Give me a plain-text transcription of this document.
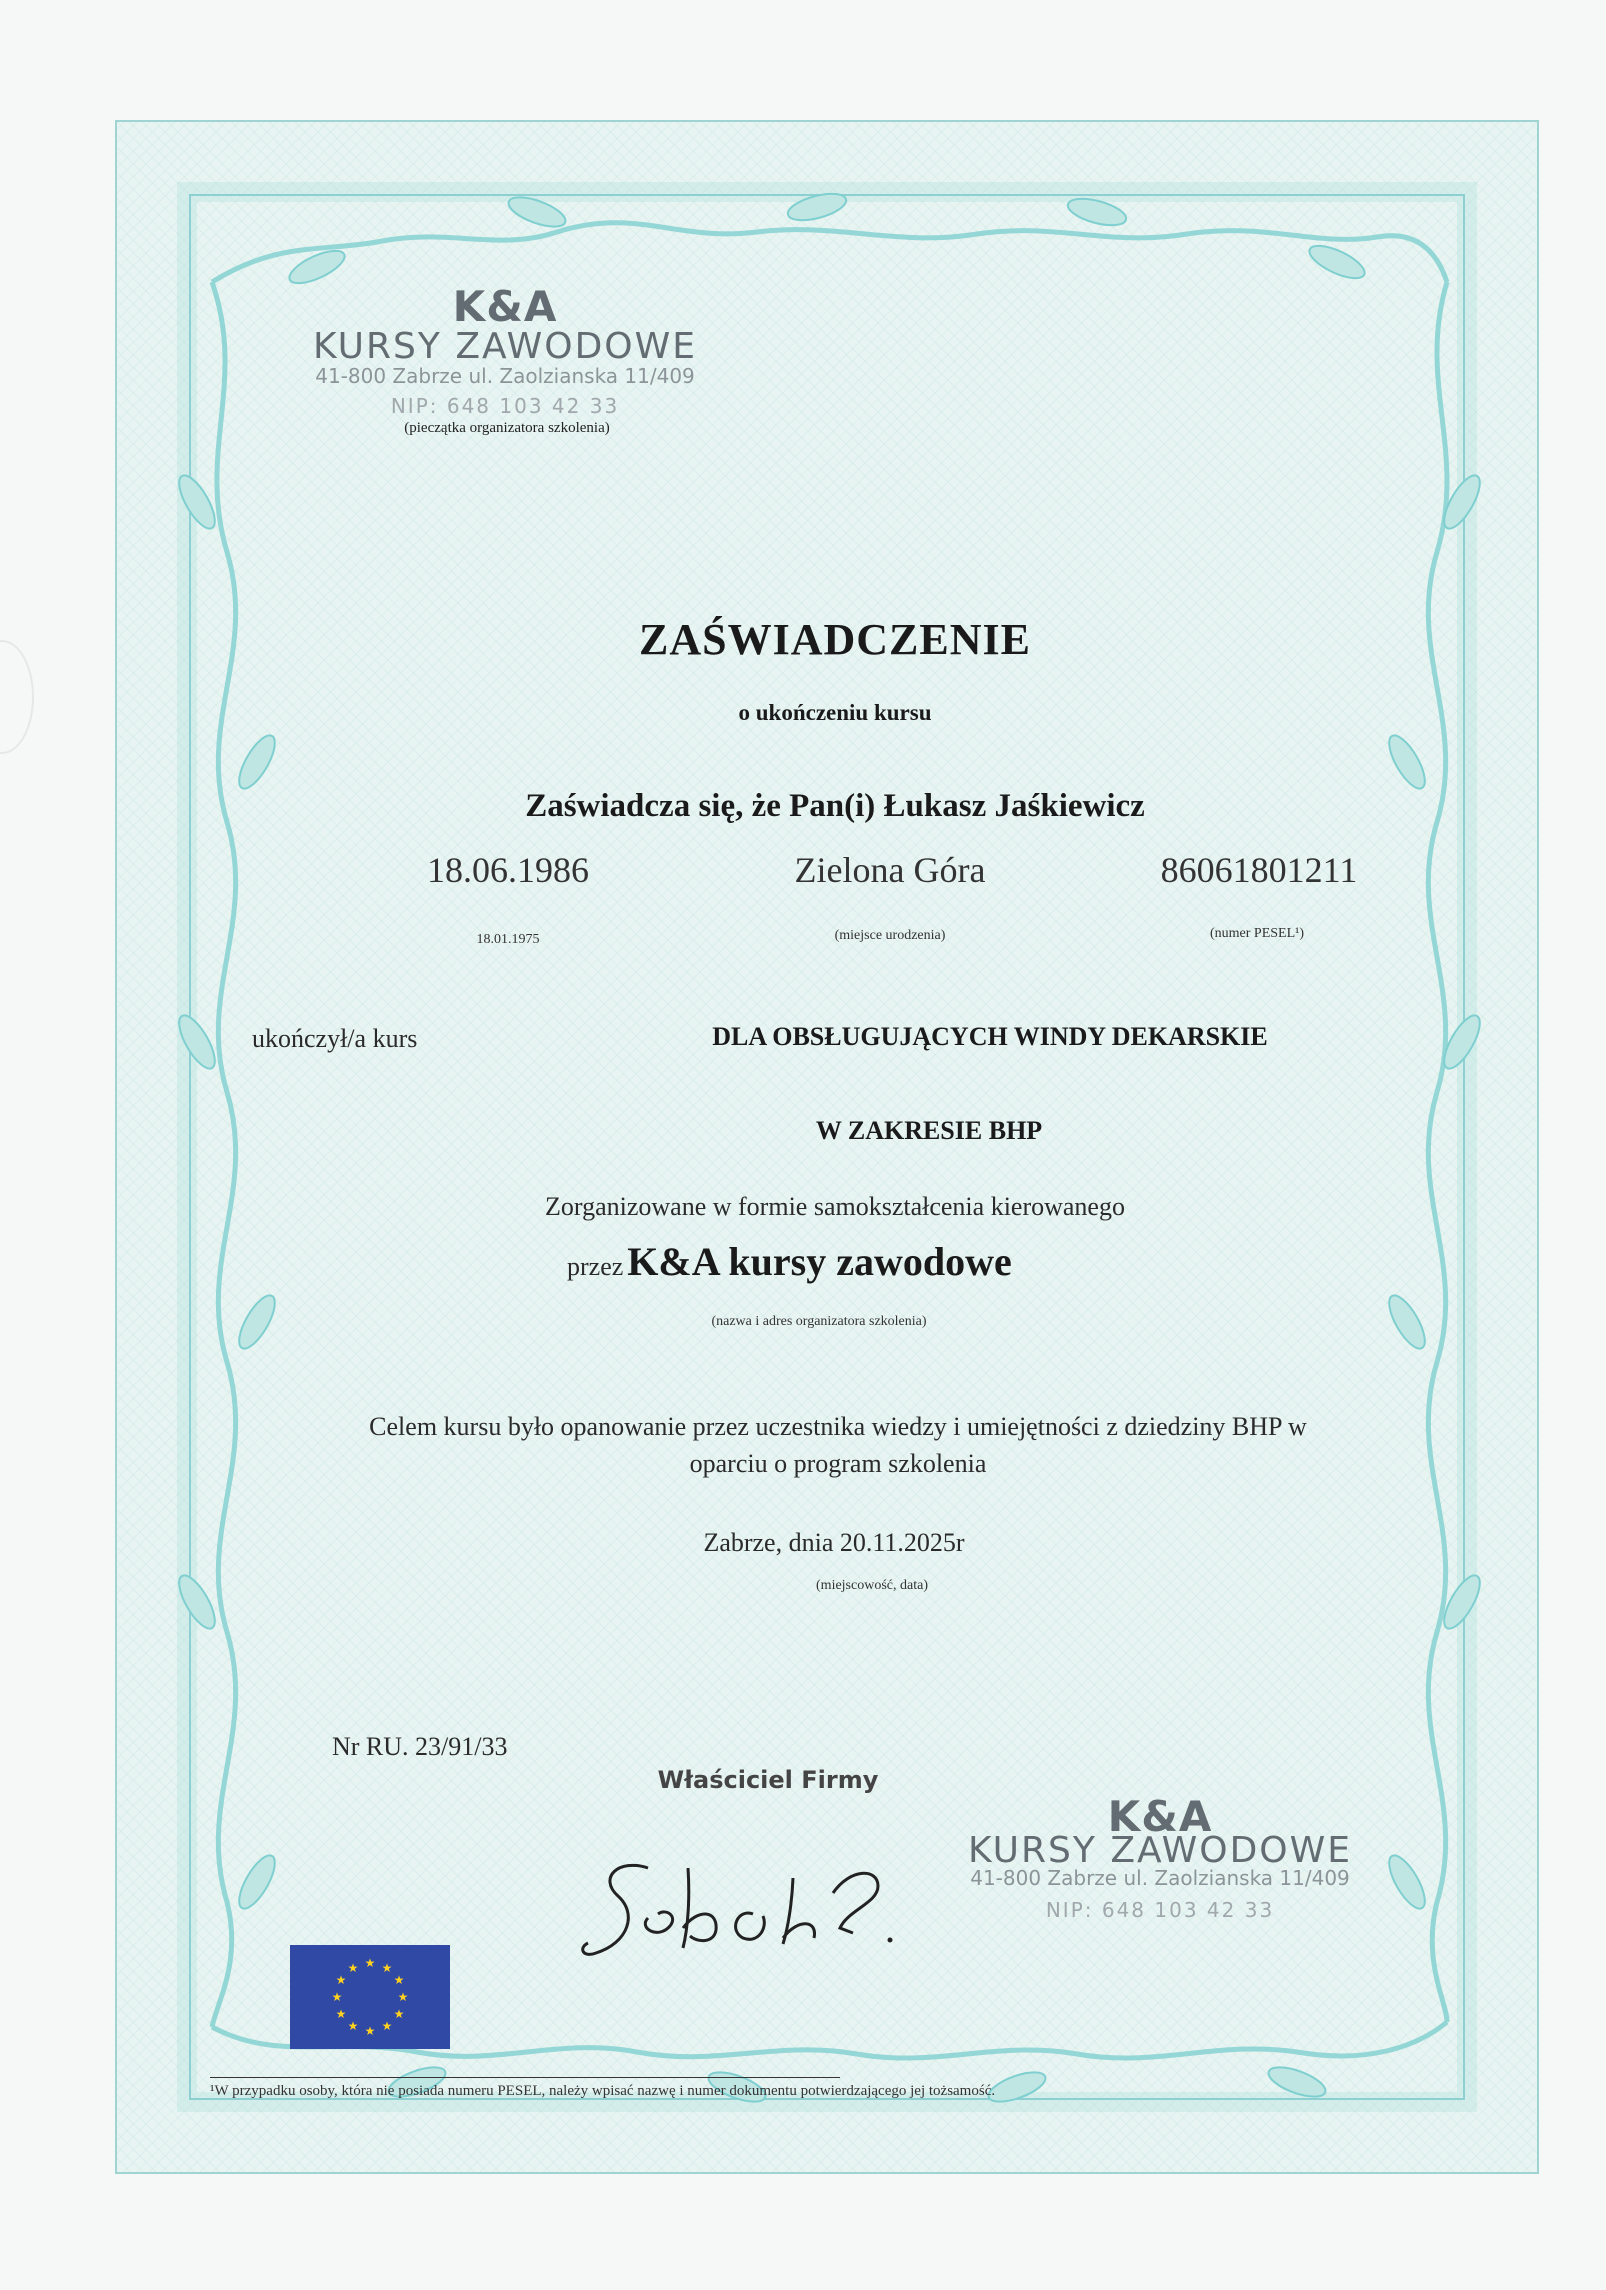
K&A
KURSY ZAWODOWE
41-800 Zabrze ul. Zaolzianska 11/409
NIP: 648 103 42 33
(pieczątka organizatora szkolenia)
ZAŚWIADCZENIE
o ukończeniu kursu
Zaświadcza się, że Pan(i) Łukasz Jaśkiewicz
18.06.1986	Zielona Góra	86061801211
18.01.1975	(miejsce urodzenia)	(numer PESEL¹)
ukończył/a kurs	DLA OBSŁUGUJĄCYCH WINDY DEKARSKIE
W ZAKRESIE BHP
Zorganizowane w formie samokształcenia kierowanego
przez K&A kursy zawodowe
(nazwa i adres organizatora szkolenia)
Celem kursu było opanowanie przez uczestnika wiedzy i umiejętności z dziedziny BHP w
oparciu o program szkolenia
Zabrze, dnia 20.11.2025r
(miejscowość, data)
Nr RU. 23/91/33
Właściciel Firmy
K&A
KURSY ZAWODOWE
41-800 Zabrze ul. Zaolzianska 11/409
NIP: 648 103 42 33
★ ★
★
★
★
★
★
★
★
★
★
★
¹W przypadku osoby, która nie posiada numeru PESEL, należy wpisać nazwę i numer dokumentu potwierdzającego jej tożsamość.
